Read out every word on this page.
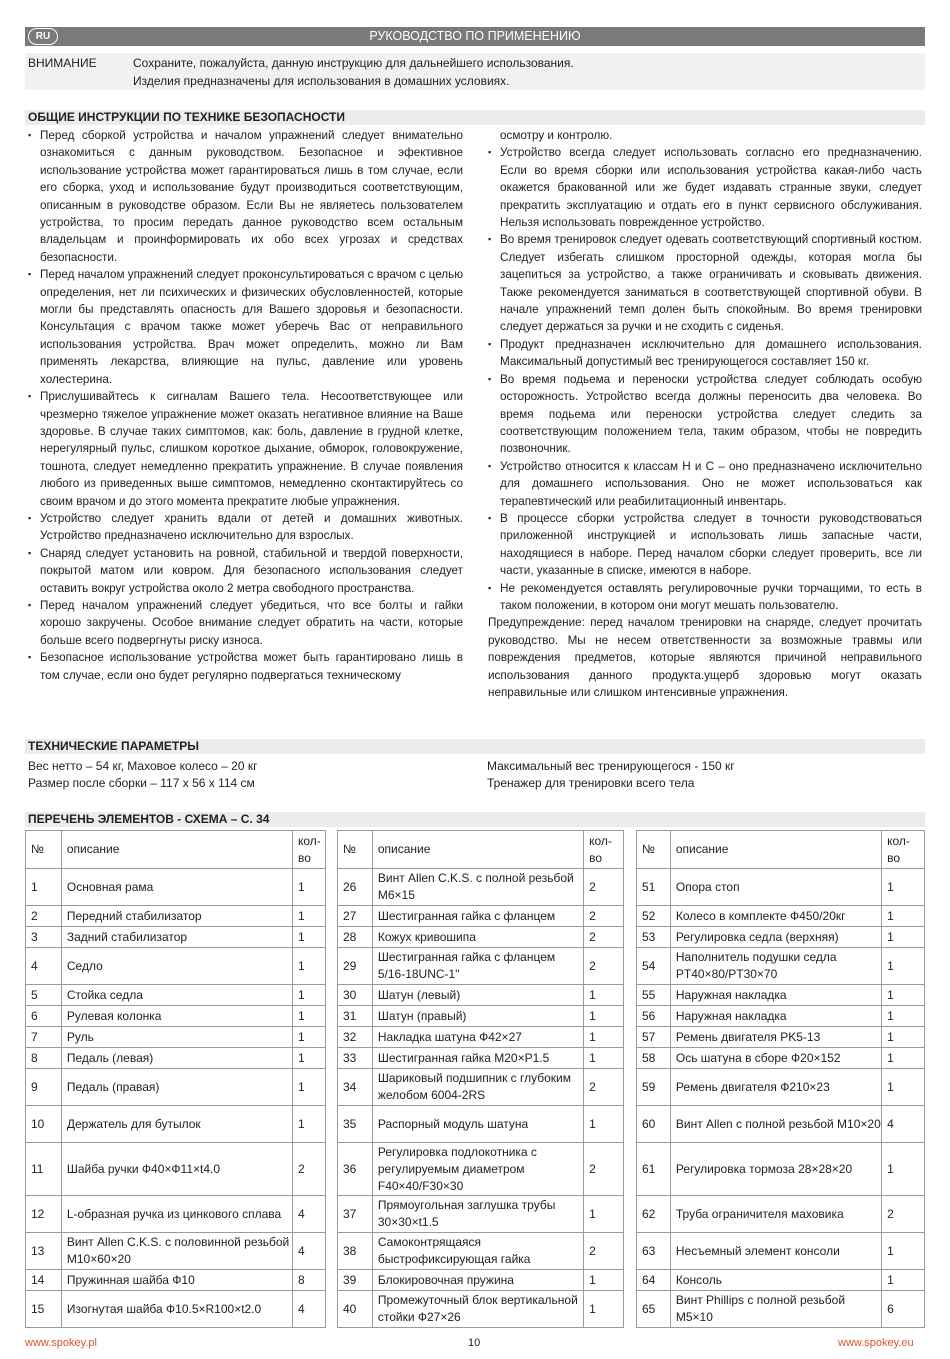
RU	РУКОВОДСТВО ПО ПРИМЕНЕНИЮ
ВНИМАНИЕ	Сохраните, пожалуйста, данную инструкцию для дальнейшего использования.
Изделия предназначены для использования в домашних условиях.
ОБЩИЕ ИНСТРУКЦИИ ПО ТЕХНИКЕ БЕЗОПАСНОСТИ
▪ Перед сборкой устройства и началом упражнений следует внимательно ознакомиться с данным руководством. Безопасное и эфективное использование устройства может гарантироваться лишь в том случае, если его сборка, уход и использование будут производиться соответствующим, описанным в руководстве образом. Если Вы не являетесь пользователем устройства, то просим передать данное руководство всем остальным владельцам и проинформировать их обо всех угрозах и средствах безопасности.
▪ Перед началом упражнений следует проконсультироваться с врачом с целью определения, нет ли психических и физических обусловленностей, которые могли бы представлять опасность для Вашего здоровья и безопасности. Консультация с врачом также может уберечь Вас от неправильного использования устройства. Врач может определить, можно ли Вам применять лекарства, влияющие на пульс, давление или уровень холестерина.
▪ Прислушивайтесь к сигналам Вашего тела. Несоответствующее или чрезмерно тяжелое упражнение может оказать негативное влияние на Ваше здоровье. В случае таких симптомов, как: боль, давление в грудной клетке, нерегулярный пульс, слишком короткое дыхание, обморок, головокружение, тошнота, следует немедленно прекратить упражнение. В случае появления любого из приведенных выше симптомов, немедленно сконтактируйтесь со своим врачом и до этого момента прекратите любые упражнения.
▪ Устройство следует хранить вдали от детей и домашних животных. Устройство предназначено исключительно для взрослых.
▪ Снаряд следует установить на ровной, стабильной и твердой поверхности, покрытой матом или ковром. Для безопасного использования следует оставить вокруг устройства около 2 метра свободного пространства.
▪ Перед началом упражнений следует убедиться, что все болты и гайки хорошо закручены. Особое внимание следует обратить на части, которые больше всего подвергнуты риску износа.
▪ Безопасное использование устройства может быть гарантировано лишь в том случае, если оно будет регулярно подвергаться техническому

осмотру и контролю.

▪ Устройство всегда следует использовать согласно его предназначению. Если во время сборки или использования устройства какая-либо часть окажется бракованной или же будет издавать странные звуки, следует прекратить эксплуатацию и отдать его в пункт сервисного обслуживания. Нельзя использовать поврежденное устройство.
▪ Во время тренировок следует одевать соответствующий спортивный костюм. Следует избегать слишком просторной одежды, которая могла бы зацепиться за устройство, а также ограничивать и сковывать движения. Также рекомендуется заниматься в соответствующей спортивной обуви. В начале упражнений темп долен быть спокойным. Во время тренировки следует держаться за ручки и не сходить с сиденья.
▪ Продукт предназначен исключительно для домашнего использования. Максимальный допустимый вес тренирующегося составляет 150 кг.
▪ Во время подьема и переноски устройства следует соблюдать особую осторожность. Устройство всегда должны переносить два человека. Во время подьема или переноски устройства следует следить за соответствующим положением тела, таким образом, чтобы не повредить позвоночник.
▪ Устройство относится к классам H и C – оно предназначено исключительно для домашнего использования. Оно не может использоваться как терапевтический или реабилитационный инвентарь.
▪ В процессе сборки устройства следует в точности руководствоваться приложенной инструкцией и использовать лишь запасные части, находящиеся в наборе. Перед началом сборки следует проверить, все ли части, указанные в списке, имеются в наборе.
▪ Не рекомендуется оставлять регулировочные ручки торчащими, то есть в таком положении, в котором они могут мешать пользователю.

Предупреждение: перед началом тренировки на снаряде, следует прочитать руководство. Мы не несем ответственности за возможные травмы или повреждения предметов, которые являются причиной неправильного использования данного продукта.ущерб здоровью могут оказать неправильные или слишком интенсивные упражнения.

ТЕХНИЧЕСКИЕ ПАРАМЕТРЫ
Вес нетто – 54 кг, Маховое колесо – 20 кг
Размер после сборки – 117 x 56 x 114 см
Максимальный вес тренирующегося - 150 кг
Тренажер для тренировки всего тела
ПЕРЕЧЕНЬ ЭЛЕМЕНТОВ - СХЕМА – С. 34
№	описание	кол-
во

1	Основная рама	1
2	Передний стабилизатор	1
3	Задний стабилизатор	1
4	Седло	1
5	Стойка седла	1
6	Рулевая колонка	1
7	Руль	1
8	Педаль (левая)	1
9	Педаль (правая)	1
10	Держатель для бутылок	1
11	Шайба ручки Ф40×Ф11×t4.0	2
12	L-образная ручка из цинкового сплава	4
13	Винт Allen C.K.S. с половинной резьбой М10×60×20	4
14	Пружинная шайба Ф10	8
15	Изогнутая шайба Ф10.5×R100×t2.0	4
№	описание	кол-
во

26	Винт Allen C.K.S. с полной резьбой M6×15	2
27	Шестигранная гайка с фланцем	2
28	Кожух кривошипа	2
29	Шестигранная гайка с фланцем 5/16-18UNC-1"	2
30	Шатун (левый)	1
31	Шатун (правый)	1
32	Накладка шатуна Ф42×27	1
33	Шестигранная гайка M20×P1.5	1
34	Шариковый подшипник с глубоким желобом 6004-2RS	2
35	Распорный модуль шатуна	1
36	Регулировка подлокотника с регулируемым диаметром F40×40/F30×30	2
37	Прямоугольная заглушка трубы 30×30×t1.5	1
38	Самоконтрящаяся быстрофиксирующая гайка	2
39	Блокировочная пружина	1
40	Промежуточный блок вертикальной стойки Ф27×26	1
№	описание	кол-
во

51	Опора стоп	1
52	Колесо в комплекте Ф450/20кг	1
53	Регулировка седла (верхняя)	1
54	Наполнитель подушки седла PT40×80/PT30×70	1
55	Наружная накладка	1
56	Наружная накладка	1
57	Ремень двигателя PK5-13	1
58	Ось шатуна в сборе Ф20×152	1
59	Ремень двигателя Ф210×23	1
60	Винт Allen с полной резьбой M10×20	4
61	Регулировка тормоза 28×28×20	1
62	Труба ограничителя маховика	2
63	Несъемный элемент консоли	1
64	Консоль	1
65	Винт Phillips с полной резьбой M5×10	6
www.spokey.pl	10	www.spokey.eu
